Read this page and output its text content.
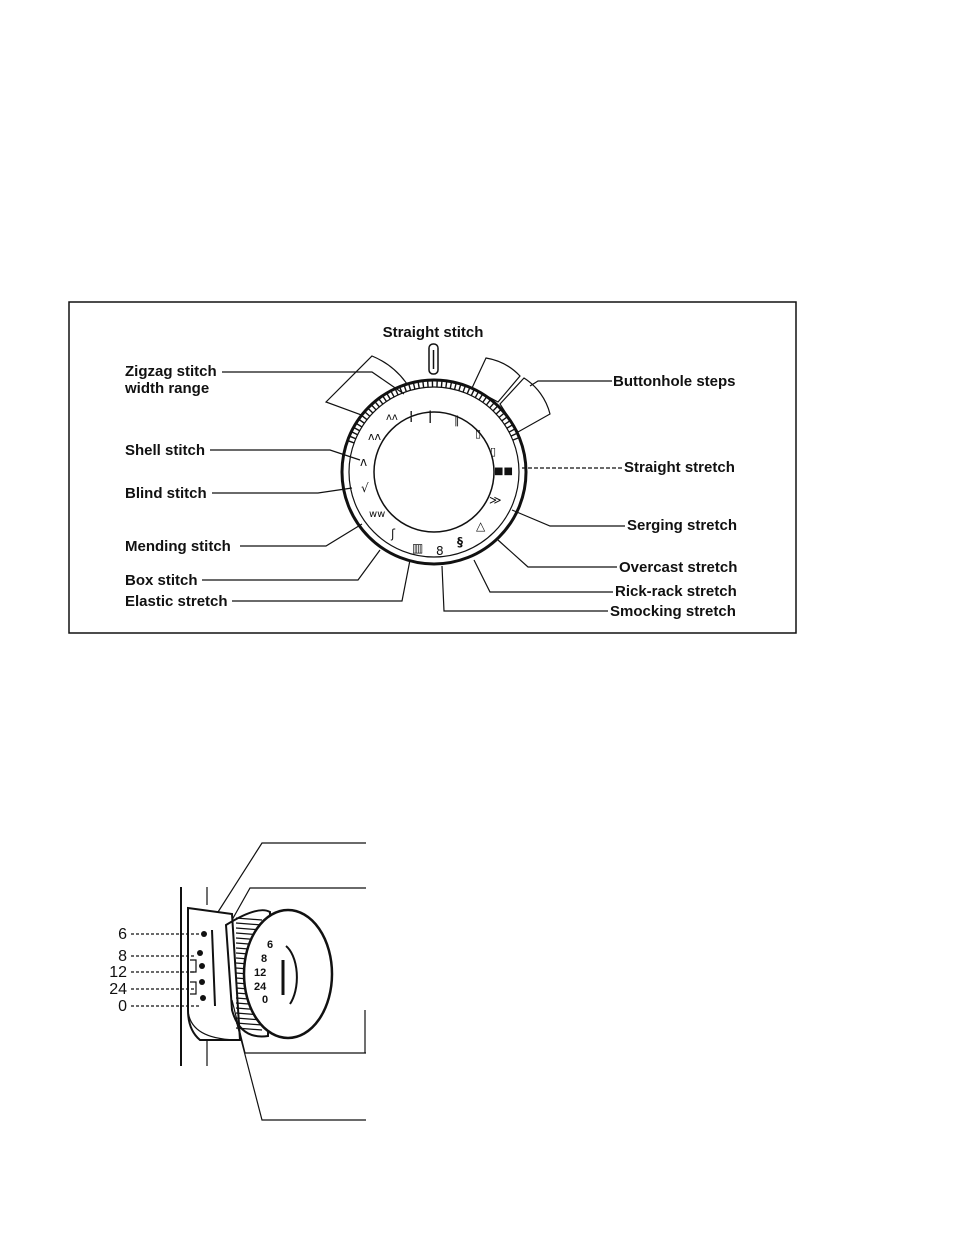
|
¦	∥
▯
▯
■■
≫
△
§
8
▥
ʃ
ww
√
ʌ
ʌʌ
ʌʌ
Straight stitch
Zigzag stitch
width range
Shell stitch
Blind stitch
Mending stitch
Box stitch
Elastic stretch
Buttonhole steps
Straight stretch
Serging stretch
Overcast stretch
Rick-rack stretch
Smocking stretch
6
8
12
24
0
6
8
12
24
0
